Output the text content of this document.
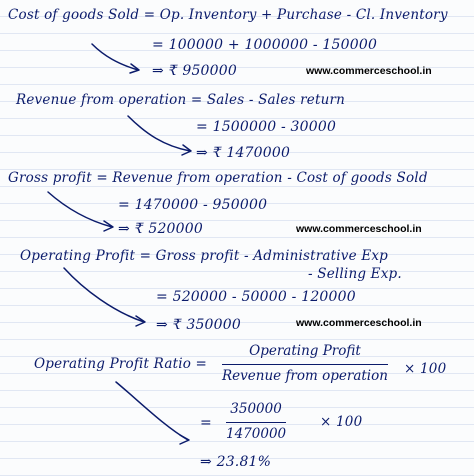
Cost of goods Sold = Op. Inventory + Purchase - Cl. Inventory
= 100000 + 1000000 - 150000
⇒ ₹ 950000	www.commerceschool.in
Revenue from operation = Sales - Sales return
= 1500000 - 30000
⇒ ₹ 1470000
Gross profit = Revenue from operation - Cost of goods Sold
= 1470000 - 950000
⇒ ₹ 520000	www.commerceschool.in
Operating Profit = Gross profit - Administrative Exp
- Selling Exp.
= 520000 - 50000 - 120000
⇒ ₹ 350000	www.commerceschool.in
Operating Profit Ratio =
Operating Profit
Revenue from operation × 100
=
350000
1470000
× 100
⇒ 23.81%
